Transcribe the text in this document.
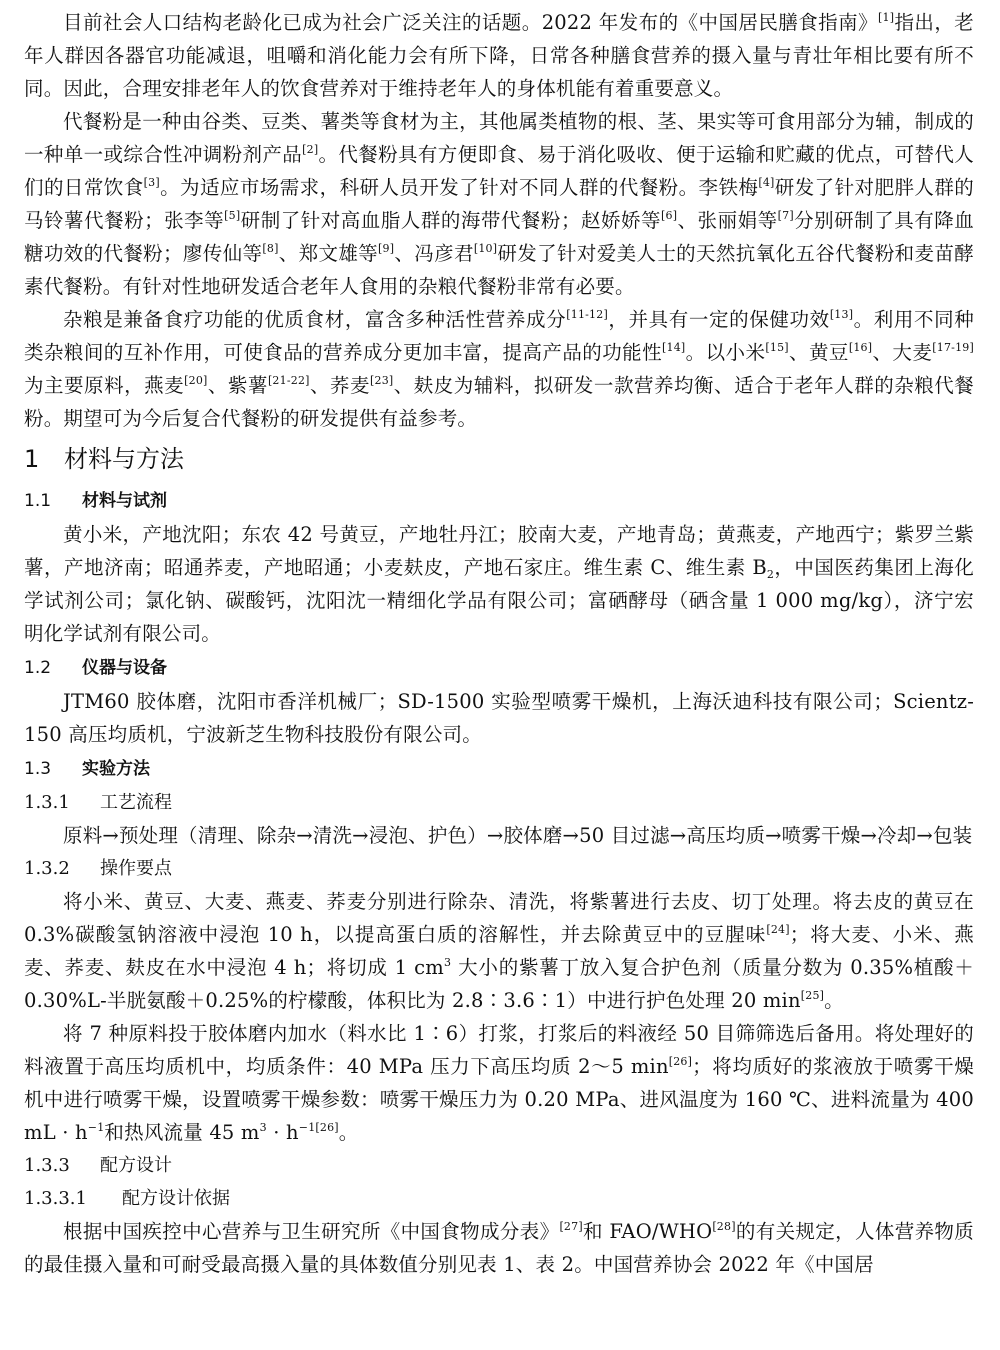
目前社会人口结构老龄化已成为社会广泛关注的话题。2022 年发布的《中国居民膳食指南》[1]指出，老年人群因各器官功能减退，咀嚼和消化能力会有所下降，日常各种膳食营养的摄入量与青壮年相比要有所不同。因此，合理安排老年人的饮食营养对于维持老年人的身体机能有着重要意义。

代餐粉是一种由谷类、豆类、薯类等食材为主，其他属类植物的根、茎、果实等可食用部分为辅，制成的一种单一或综合性冲调粉剂产品[2]。代餐粉具有方便即食、易于消化吸收、便于运输和贮藏的优点，可替代人们的日常饮食[3]。为适应市场需求，科研人员开发了针对不同人群的代餐粉。李铁梅[4]研发了针对肥胖人群的马铃薯代餐粉；张李等[5]研制了针对高血脂人群的海带代餐粉；赵娇娇等[6]、张丽娟等[7]分别研制了具有降血糖功效的代餐粉；廖传仙等[8]、郑文雄等[9]、冯彦君[10]研发了针对爱美人士的天然抗氧化五谷代餐粉和麦苗酵素代餐粉。有针对性地研发适合老年人食用的杂粮代餐粉非常有必要。

杂粮是兼备食疗功能的优质食材，富含多种活性营养成分[11-12]，并具有一定的保健功效[13]。利用不同种类杂粮间的互补作用，可使食品的营养成分更加丰富，提高产品的功能性[14]。以小米[15]、黄豆[16]、大麦[17-19]为主要原料，燕麦[20]、紫薯[21-22]、荞麦[23]、麸皮为辅料，拟研发一款营养均衡、适合于老年人群的杂粮代餐粉。期望可为今后复合代餐粉的研发提供有益参考。

1 材料与方法
1.1 材料与试剂

黄小米，产地沈阳；东农 42 号黄豆，产地牡丹江；胶南大麦，产地青岛；黄燕麦，产地西宁；紫罗兰紫薯，产地济南；昭通荞麦，产地昭通；小麦麸皮，产地石家庄。维生素 C、维生素 $B_2$，中国医药集团上海化学试剂公司；氯化钠、碳酸钙，沈阳沈一精细化学品有限公司；富硒酵母（硒含量 1 000 mg/kg），济宁宏明化学试剂有限公司。

1.2 仪器与设备

JTM60 胶体磨，沈阳市香洋机械厂；SD-1500 实验型喷雾干燥机，上海沃迪科技有限公司；Scientz-150 高压均质机，宁波新芝生物科技股份有限公司。

1.3 实验方法
1.3.1 工艺流程

原料→预处理（清理、除杂→清洗→浸泡、护色）→胶体磨→50 目过滤→高压均质→喷雾干燥→冷却→包装

1.3.2 操作要点

将小米、黄豆、大麦、燕麦、荞麦分别进行除杂、清洗，将紫薯进行去皮、切丁处理。将去皮的黄豆在 0.3%碳酸氢钠溶液中浸泡 10 h，以提高蛋白质的溶解性，并去除黄豆中的豆腥味[24]；将大麦、小米、燕麦、荞麦、麸皮在水中浸泡 4 h；将切成 1 $cm^3$ 大小的紫薯丁放入复合护色剂（质量分数为 0.35%植酸＋0.30%L-半胱氨酸＋0.25%的柠檬酸，体积比为 2.8∶3.6∶1）中进行护色处理 20 min[25]。

将 7 种原料投于胶体磨内加水（料水比 1∶6）打浆，打浆后的料液经 50 目筛筛选后备用。将处理好的料液置于高压均质机中，均质条件：40 MPa 压力下高压均质 2～5 min[26]；将均质好的浆液放于喷雾干燥机中进行喷雾干燥，设置喷雾干燥参数：喷雾干燥压力为 0.20 MPa、进风温度为 160 ℃、进料流量为 400 mL · $h^{-1}$和热风流量 45 $m^3 \cdot h^{-1[26]}$。

1.3.3 配方设计
1.3.3.1 配方设计依据

根据中国疾控中心营养与卫生研究所《中国食物成分表》[27]和 FAO/WHO[28]的有关规定，人体营养物质的最佳摄入量和可耐受最高摄入量的具体数值分别见表 1、表 2。中国营养协会 2022 年《中国居
